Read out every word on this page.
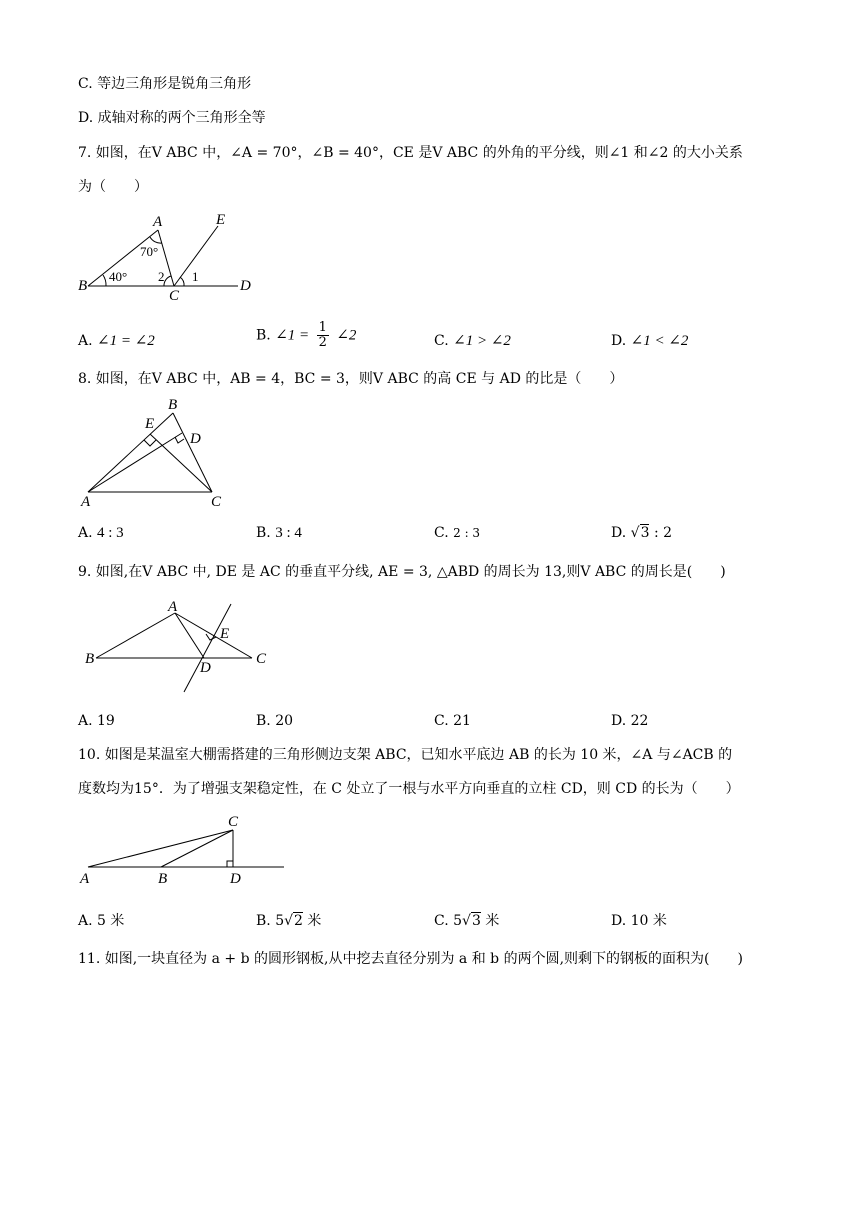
C. 等边三角形是锐角三角形
D. 成轴对称的两个三角形全等
7. 如图，在V ABC 中，∠A = 70°，∠B = 40°，CE 是V ABC 的外角的平分线，则∠1 和∠2 的大小关系
为（　　）
A	E
70°
40° 2 1
B
C
D
A. ∠1 = ∠2	B. ∠1 = $\frac{1}{2}$ ∠2	C. ∠1 > ∠2	D. ∠1 < ∠2
8. 如图，在V ABC 中，AB = 4，BC = 3，则V ABC 的高 CE 与 AD 的比是（　　）
B
E
D
A	C
A. 4 : 3	B. 3 : 4	C. 2 : 3	D. √3 : 2
9. 如图,在V ABC 中, DE 是 AC 的垂直平分线, AE = 3, △ABD 的周长为 13,则V ABC 的周长是(　　)
A
E
B
D
C
A. 19	B. 20	C. 21	D. 22
10. 如图是某温室大棚需搭建的三角形侧边支架 ABC，已知水平底边 AB 的长为 10 米，∠A 与∠ACB 的
度数均为15°．为了增强支架稳定性，在 C 处立了一根与水平方向垂直的立柱 CD，则 CD 的长为（　　）
C
A	B	D
A. 5 米	B. 5√2 米	C. 5√3 米	D. 10 米
11. 如图,一块直径为 a + b 的圆形钢板,从中挖去直径分别为 a 和 b 的两个圆,则剩下的钢板的面积为(　　)
